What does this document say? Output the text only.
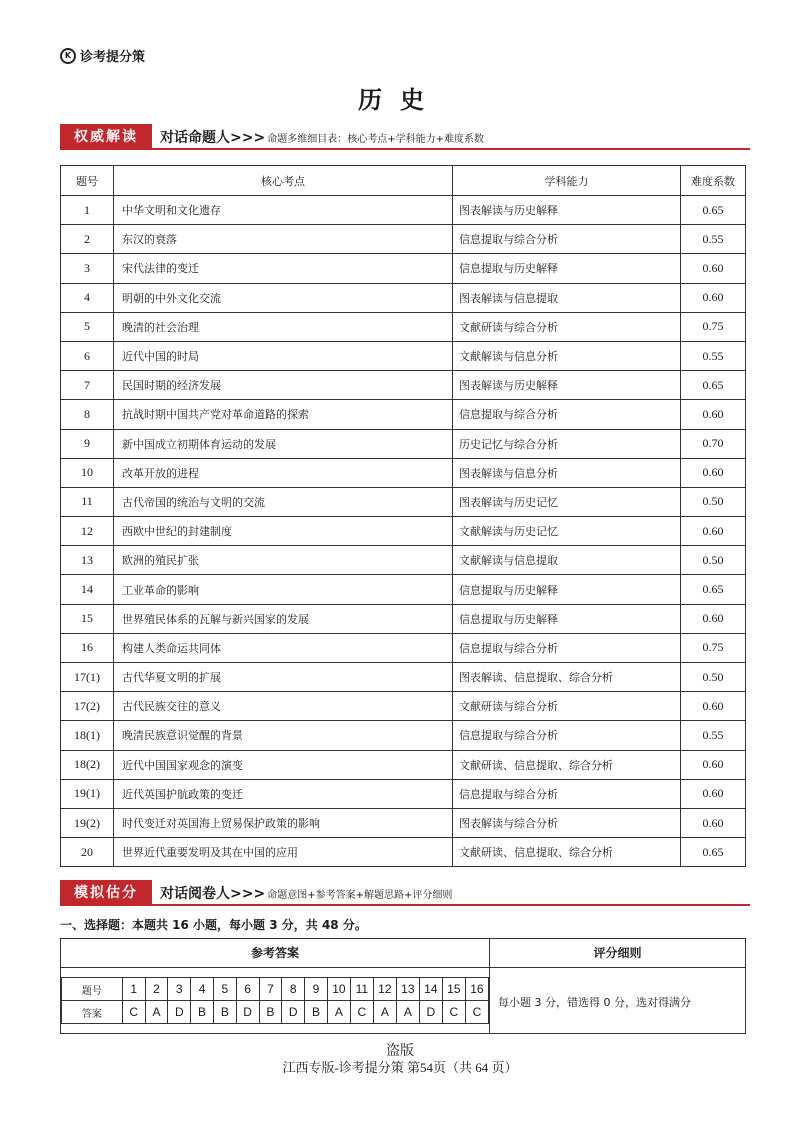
K 诊考提分策
历史
权威解读	对话命题人>>> 命题多维细目表：核心考点+学科能力+难度系数
题号	核心考点	学科能力	难度系数
1	中华文明和文化遗存	图表解读与历史解释	0.65
2	东汉的衰落	信息提取与综合分析	0.55
3	宋代法律的变迁	信息提取与历史解释	0.60
4	明朝的中外文化交流	图表解读与信息提取	0.60
5	晚清的社会治理	文献研读与综合分析	0.75
6	近代中国的时局	文献解读与信息分析	0.55
7	民国时期的经济发展	图表解读与历史解释	0.65
8	抗战时期中国共产党对革命道路的探索	信息提取与综合分析	0.60
9	新中国成立初期体育运动的发展	历史记忆与综合分析	0.70
10	改革开放的进程	图表解读与信息分析	0.60
11	古代帝国的统治与文明的交流	图表解读与历史记忆	0.50
12	西欧中世纪的封建制度	文献解读与历史记忆	0.60
13	欧洲的殖民扩张	文献解读与信息提取	0.50
14	工业革命的影响	信息提取与历史解释	0.65
15	世界殖民体系的瓦解与新兴国家的发展	信息提取与历史解释	0.60
16	构建人类命运共同体	信息提取与综合分析	0.75
17(1)	古代华夏文明的扩展	图表解读、信息提取、综合分析	0.50
17(2)	古代民族交往的意义	文献研读与综合分析	0.60
18(1)	晚清民族意识觉醒的背景	信息提取与综合分析	0.55
18(2)	近代中国国家观念的演变	文献研读、信息提取、综合分析	0.60
19(1)	近代英国护航政策的变迁	信息提取与综合分析	0.60
19(2)	时代变迁对英国海上贸易保护政策的影响	图表解读与综合分析	0.60
20	世界近代重要发明及其在中国的应用	文献研读、信息提取、综合分析	0.65
模拟估分	对话阅卷人>>> 命题意图+参考答案+解题思路+评分细则
一、选择题：本题共 16 小题，每小题 3 分，共 48 分。
参考答案
题号	1	2	3	4	5	6	7	8	9	10	11	12	13	14	15	16
答案	C	A	D	B	B	D	B	D	B	A	C	A	A	D	C	C
评分细则
每小题 3 分，错选得 0 分，选对得满分
盗版
江西专版-诊考提分策 第54页（共 64 页）
